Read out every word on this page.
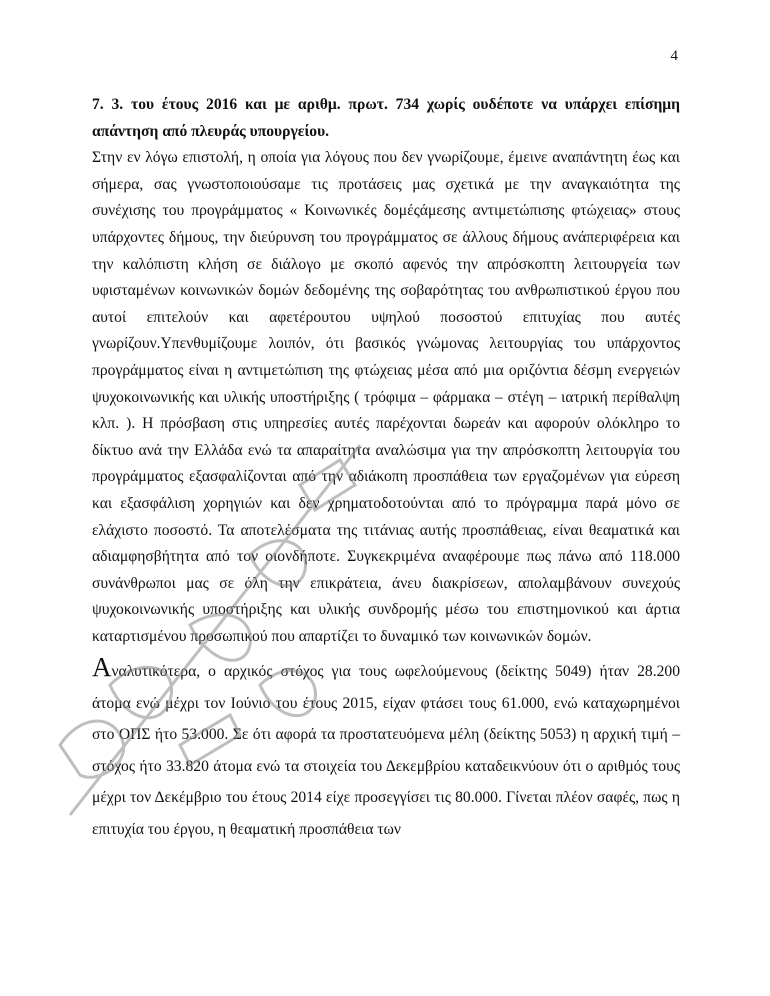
4

7. 3. του έτους 2016 και με αριθμ. πρωτ. 734 χωρίς ουδέποτε να υπάρχει επίσημη απάντηση από πλευράς υπουργείου.

Στην εν λόγω επιστολή, η οποία για λόγους που δεν γνωρίζουμε, έμεινε αναπάντητη έως και σήμερα, σας γνωστοποιούσαμε τις προτάσεις μας σχετικά με την αναγκαιότητα της συνέχισης του προγράμματος « Κοινωνικές δομέςάμεσης αντιμετώπισης φτώχειας» στους υπάρχοντες δήμους, την διεύρυνση του προγράμματος σε άλλους δήμους ανάπεριφέρεια και την καλόπιστη κλήση σε διάλογο με σκοπό αφενός την απρόσκοπτη λειτουργεία των υφισταμένων κοινωνικών δομών δεδομένης της σοβαρότητας του ανθρωπιστικού έργου που αυτοί επιτελούν και αφετέρουτου υψηλού ποσοστού επιτυχίας που αυτές γνωρίζουν.Υπενθυμίζουμε λοιπόν, ότι βασικός γνώμονας λειτουργίας του υπάρχοντος προγράμματος είναι η αντιμετώπιση της φτώχειας μέσα από μια οριζόντια δέσμη ενεργειών ψυχοκοινωνικής και υλικής υποστήριξης ( τρόφιμα – φάρμακα – στέγη – ιατρική περίθαλψη κλπ. ). Η πρόσβαση στις υπηρεσίες αυτές παρέχονται δωρεάν και αφορούν ολόκληρο το δίκτυο ανά την Ελλάδα ενώ τα απαραίτητα αναλώσιμα για την απρόσκοπτη λειτουργία του προγράμματος εξασφαλίζονται από την αδιάκοπη προσπάθεια των εργαζομένων για εύρεση και εξασφάλιση χορηγιών και δεν χρηματοδοτούνται από το πρόγραμμα παρά μόνο σε ελάχιστο ποσοστό. Τα αποτελέσματα της τιτάνιας αυτής προσπάθειας, είναι θεαματικά και αδιαμφησβήτητα από τον οιονδήποτε. Συγκεκριμένα αναφέρουμε πως πάνω από 118.000 συνάνθρωποι μας σε όλη την επικράτεια, άνευ διακρίσεων, απολαμβάνουν συνεχούς ψυχοκοινωνικής υποστήριξης και υλικής συνδρομής μέσω του επιστημονικού και άρτια καταρτισμένου προσωπικού που απαρτίζει το δυναμικό των κοινωνικών δομών.

Αναλυτικότερα, ο αρχικός στόχος για τους ωφελούμενους (δείκτης 5049) ήταν 28.200 άτομα ενώ μέχρι τον Ιούνιο του έτους 2015, είχαν φτάσει τους 61.000, ενώ καταχωρημένοι στο ΟΠΣ ήτο 53.000. Σε ότι αφορά τα προστατευόμενα μέλη (δείκτης 5053) η αρχική τιμή – στόχος ήτο 33.820 άτομα ενώ τα στοιχεία του Δεκεμβρίου καταδεικνύουν ότι ο αριθμός τους μέχρι τον Δεκέμβριο του έτους 2014 είχε προσεγγίσει τις 80.000. Γίνεται πλέον σαφές, πως η επιτυχία του έργου, η θεαματική προσπάθεια των
